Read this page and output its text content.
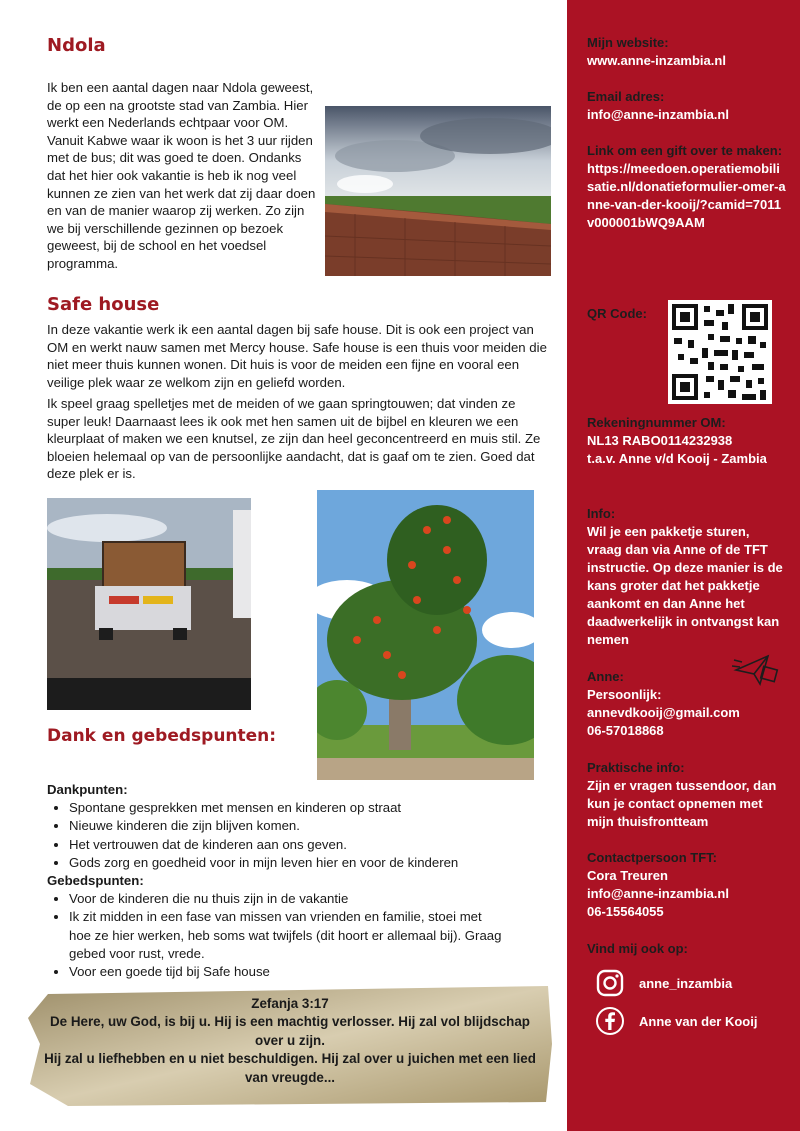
Ndola

Ik ben een aantal dagen naar Ndola geweest, de op een na grootste stad van Zambia. Hier werkt een Nederlands echtpaar voor OM. Vanuit Kabwe waar ik woon is het 3 uur rijden met de bus; dit was goed te doen. Ondanks dat het hier ook vakantie is heb ik nog veel kunnen ze zien van het werk dat zij daar doen en van de manier waarop zij werken. Zo zijn we bij verschillende gezinnen op bezoek geweest, bij de school en het voedsel programma.

Safe house

In deze vakantie werk ik een aantal dagen bij safe house. Dit is ook een project van OM en werkt nauw samen met Mercy house. Safe house is een thuis voor meiden die niet meer thuis kunnen wonen. Dit huis is voor de meiden een fijne en vooral een veilige plek waar ze welkom zijn en geliefd worden.

Ik speel graag spelletjes met de meiden of we gaan springtouwen; dat vinden ze super leuk! Daarnaast lees ik ook met hen samen uit de bijbel en kleuren we een kleurplaat of maken we een knutsel, ze zijn dan heel geconcentreerd en muis stil. Ze bloeien helemaal op van de persoonlijke aandacht, dat is gaaf om te zien. Goed dat deze plek er is.

Dank en gebedspunten:
Dankpunten:
• Spontane gesprekken met mensen en kinderen op straat
• Nieuwe kinderen die zijn blijven komen.
• Het vertrouwen dat de kinderen aan ons geven.
• Gods zorg en goedheid voor in mijn leven hier en voor de kinderen
Gebedspunten:
• Voor de kinderen die nu thuis zijn in de vakantie
• Ik zit midden in een fase van missen van vrienden en familie, stoei met hoe ze hier werken, heb soms wat twijfels (dit hoort er allemaal bij). Graag gebed voor rust, vrede.
• Voor een goede tijd bij Safe house
Zefanja 3:17
De Here, uw God, is bij u. Hij is een machtig verlosser. Hij zal vol blijdschap over u zijn.
Hij zal u liefhebben en u niet beschuldigen. Hij zal over u juichen met een lied van vreugde...
Mijn website:
www.anne-inzambia.nl
Email adres:
info@anne-inzambia.nl
Link om een gift over te maken:
https://meedoen.operatiemobilisatie.nl/donatieformulier-omer-anne-van-der-kooij/?camid=7011v000001bWQ9AAM
QR Code:
Rekeningnummer OM:
NL13 RABO0114232938
t.a.v. Anne v/d Kooij - Zambia
Info:
Wil je een pakketje sturen, vraag dan via Anne of de TFT instructie. Op deze manier is de kans groter dat het pakketje aankomt en dan Anne het daadwerkelijk in ontvangst kan nemen
Anne:
Persoonlijk:
annevdkooij@gmail.com
06-57018868
Praktische info:
Zijn er vragen tussendoor, dan kun je contact opnemen met mijn thuisfrontteam
Contactpersoon TFT:
Cora Treuren
info@anne-inzambia.nl
06-15564055
Vind mij ook op:
anne_inzambia
Anne van der Kooij
